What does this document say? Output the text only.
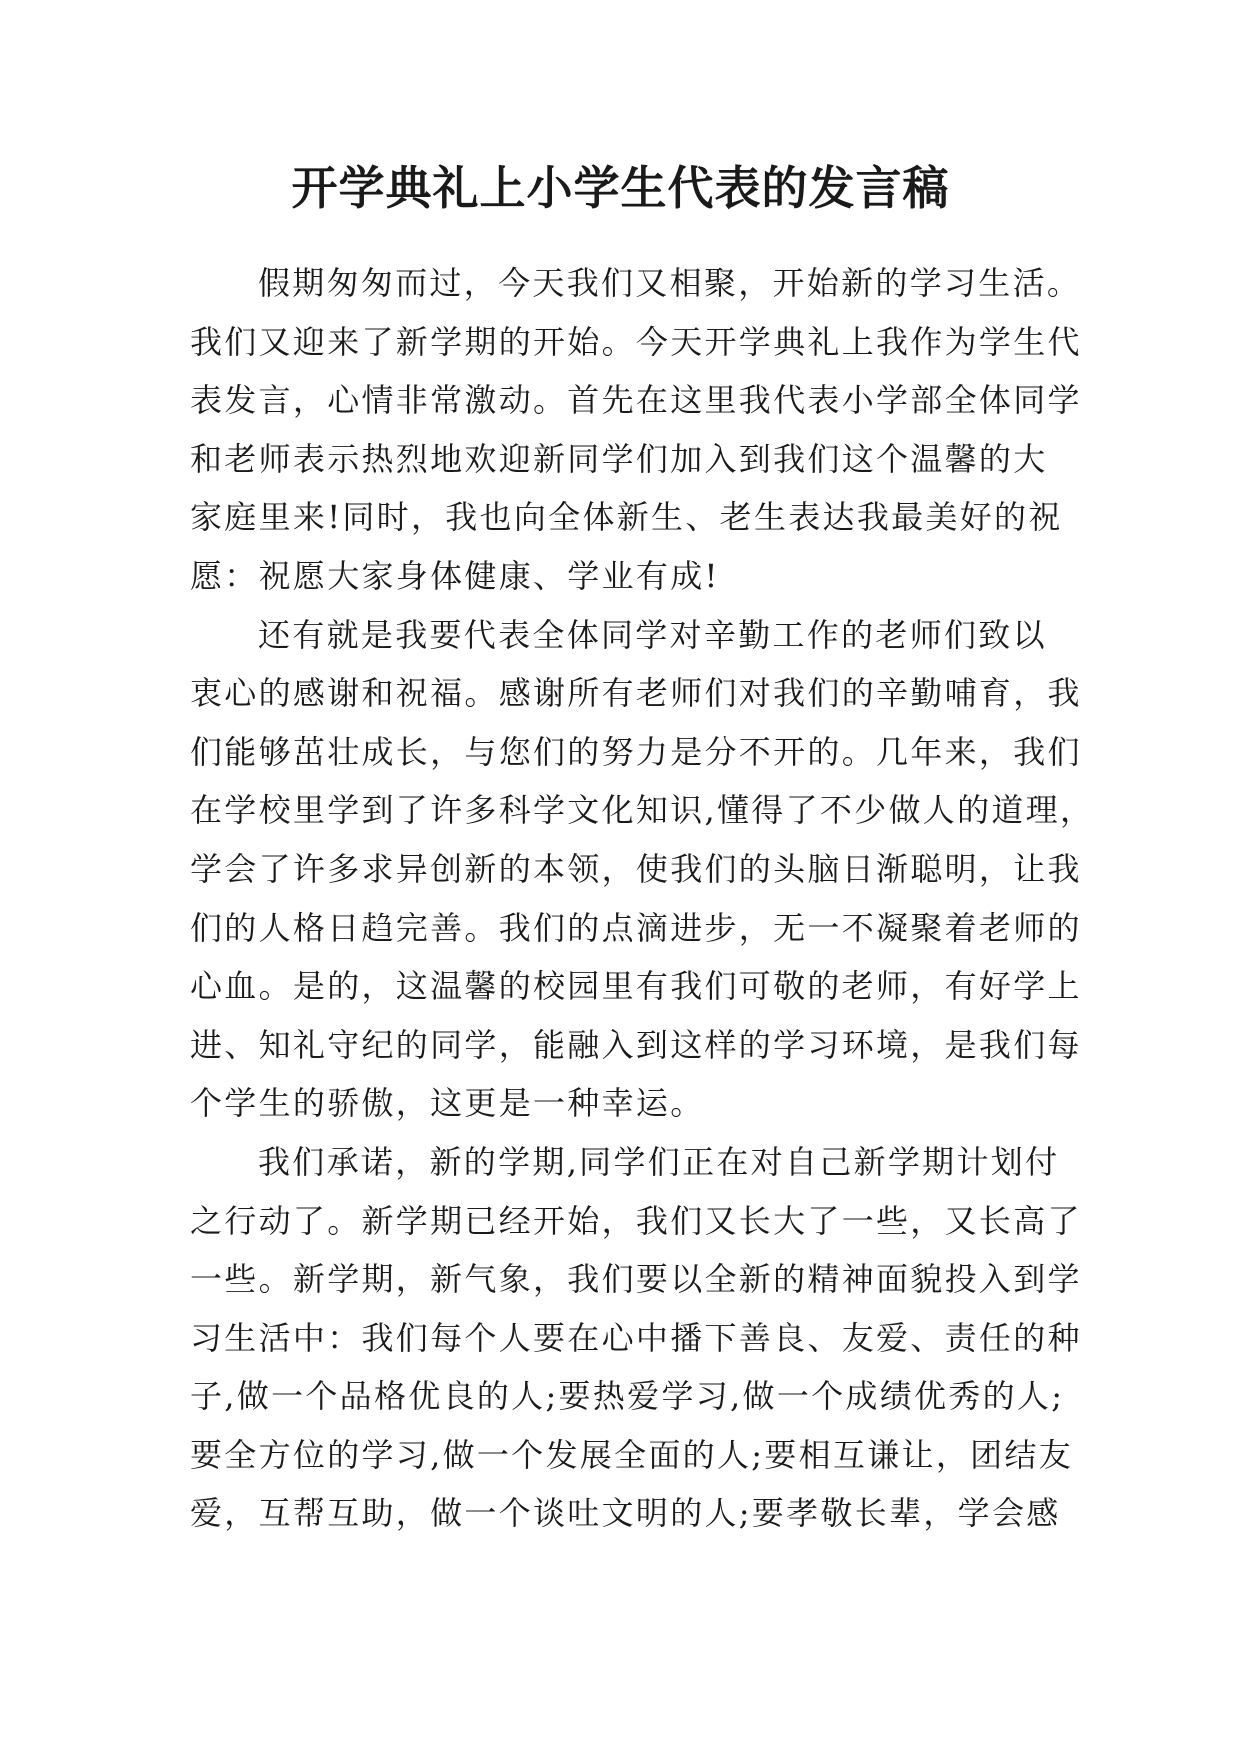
开学典礼上小学生代表的发言稿
假期匆匆而过，今天我们又相聚，开始新的学习生活。
我们又迎来了新学期的开始。今天开学典礼上我作为学生代
表发言，心情非常激动。首先在这里我代表小学部全体同学
和老师表示热烈地欢迎新同学们加入到我们这个温馨的大
家庭里来!同时，我也向全体新生、老生表达我最美好的祝
愿：祝愿大家身体健康、学业有成!
还有就是我要代表全体同学对辛勤工作的老师们致以
衷心的感谢和祝福。感谢所有老师们对我们的辛勤哺育，我
们能够茁壮成长，与您们的努力是分不开的。几年来，我们
在学校里学到了许多科学文化知识,懂得了不少做人的道理，
学会了许多求异创新的本领，使我们的头脑日渐聪明，让我
们的人格日趋完善。我们的点滴进步，无一不凝聚着老师的
心血。是的，这温馨的校园里有我们可敬的老师，有好学上
进、知礼守纪的同学，能融入到这样的学习环境，是我们每
个学生的骄傲，这更是一种幸运。
我们承诺，新的学期,同学们正在对自己新学期计划付
之行动了。新学期已经开始，我们又长大了一些，又长高了
一些。新学期，新气象，我们要以全新的精神面貌投入到学
习生活中：我们每个人要在心中播下善良、友爱、责任的种
子,做一个品格优良的人;要热爱学习,做一个成绩优秀的人;
要全方位的学习,做一个发展全面的人;要相互谦让，团结友
爱，互帮互助，做一个谈吐文明的人;要孝敬长辈，学会感
